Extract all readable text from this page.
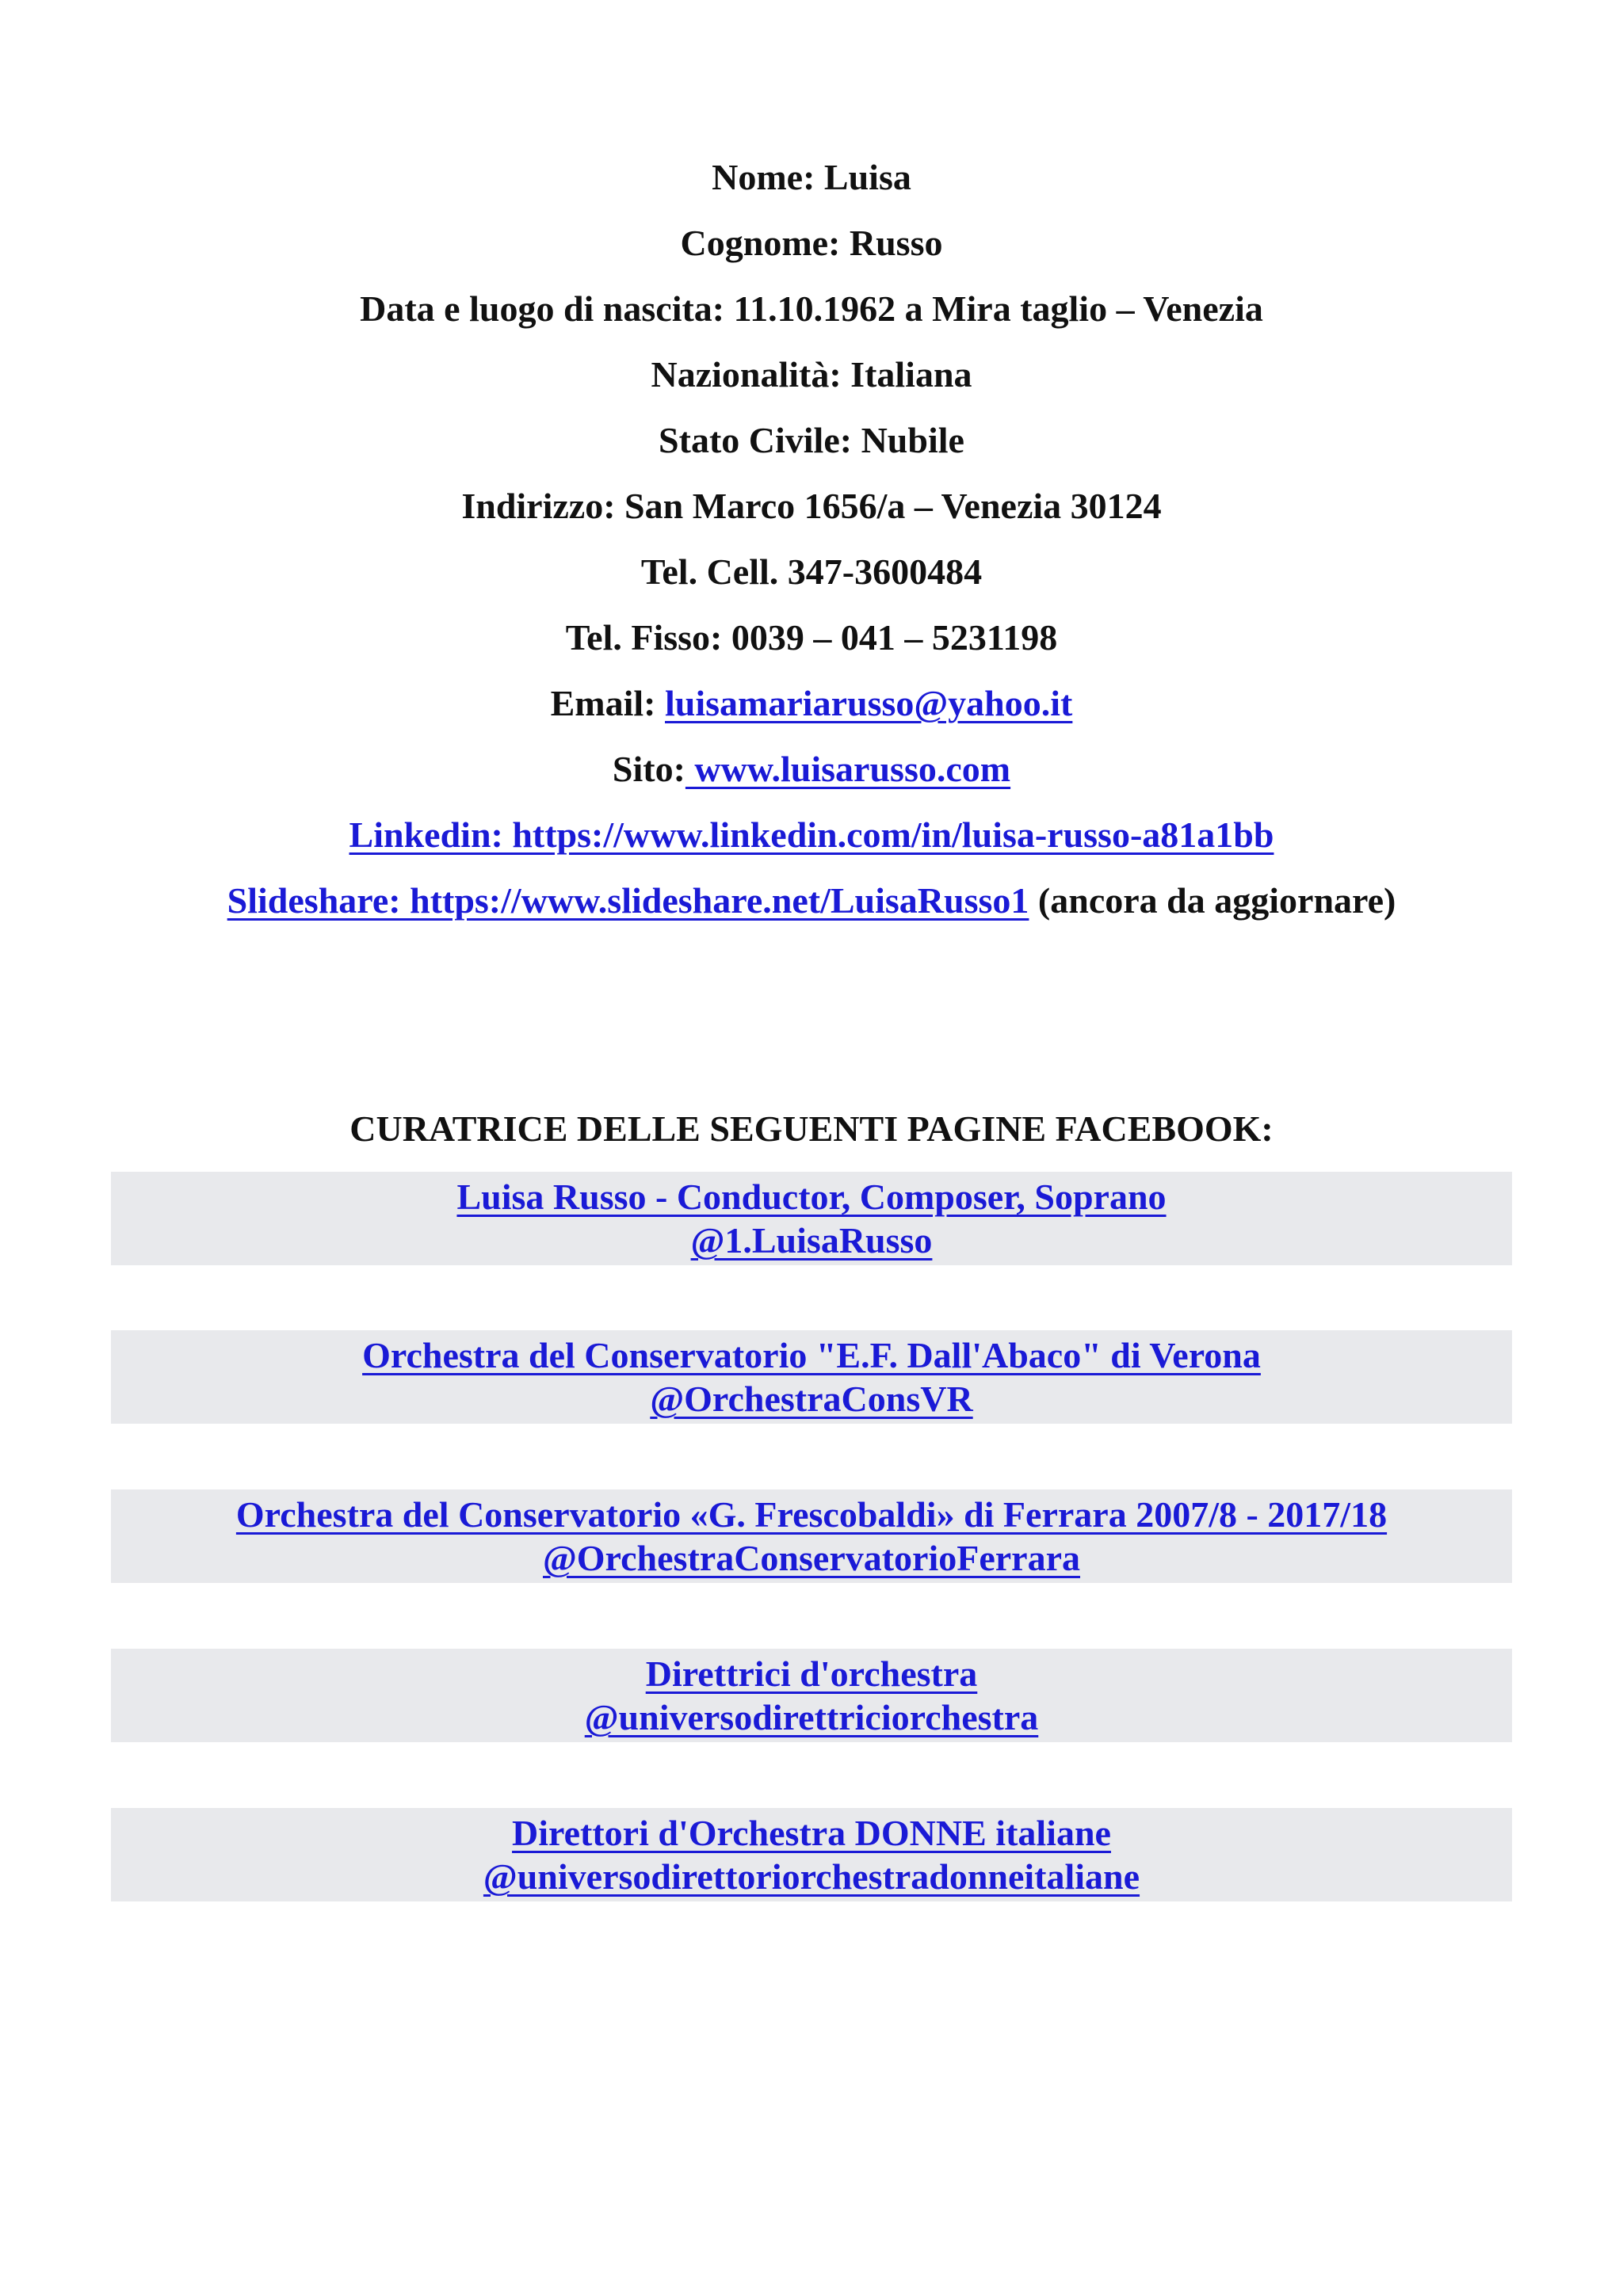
Nome: Luisa
Cognome: Russo
Data e luogo di nascita: 11.10.1962 a Mira taglio – Venezia
Nazionalità: Italiana
Stato Civile: Nubile
Indirizzo: San Marco 1656/a – Venezia 30124
Tel. Cell. 347-3600484
Tel. Fisso: 0039 – 041 – 5231198
Email: luisamariarusso@yahoo.it
Sito: www.luisarusso.com
Linkedin: https://www.linkedin.com/in/luisa-russo-a81a1bb
Slideshare: https://www.slideshare.net/LuisaRusso1 (ancora da aggiornare)
CURATRICE DELLE SEGUENTI PAGINE FACEBOOK:
Luisa Russo - Conductor, Composer, Soprano
@1.LuisaRusso
Orchestra del Conservatorio "E.F. Dall'Abaco" di Verona
@OrchestraConsVR
Orchestra del Conservatorio «G. Frescobaldi» di Ferrara 2007/8 - 2017/18
@OrchestraConservatorioFerrara
Direttrici d'orchestra
@universodirettriciorchestra
Direttori d'Orchestra DONNE italiane
@universodirettoriorchestradonneitaliane
